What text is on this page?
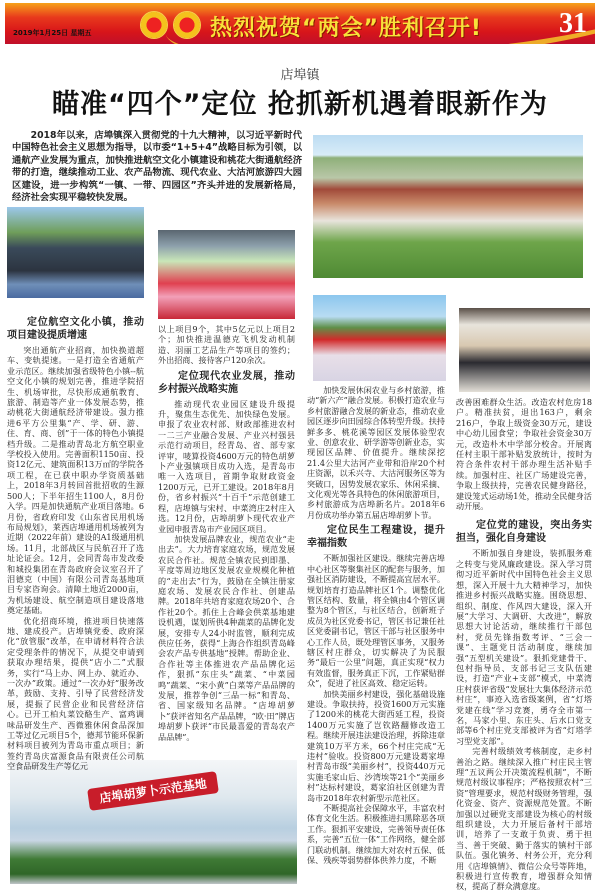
2019年1月25日 星期五	热烈祝贺“两会”胜利召开!	31
店埠镇
瞄准“四个”定位 抢抓新机遇着眼新作为
2018年以来，店埠镇深入贯彻党的十九大精神，以习近平新时代中国特色社会主义思想为指导，以市委“1+5+4”战略目标为引领，以通航产业发展为重点，加快推进航空文化小镇建设和桃花大街通航经济带的打造，继续推动工业、农产品物流、现代农业、大沽河旅游四大园区建设，进一步构筑“一镇、一带、四园区”齐头并进的发展新格局，经济社会实现平稳较快发展。
店埠胡萝卜示范基地
定位航空文化小镇，推动项目建设提质增速

突出通航产业招商，加快换道超车、变轨提速。一是打造全省通航产业示范区。继续加强省级特色小镇--航空文化小镇的规划完善，推进学院招生、机场审批，尽快形成通航教育、旅游、制造等产业一体发展态势，推动桃花大街通航经济带建设。强力推进6平方公里集“产、学、研、游、住、育、商、创”于一体的特色小镇提档升级。二是推动青岛北方航空职业学校投入使用。完善面积1150亩、投资12亿元、建筑面积13万㎡的学院各项工程，在已获中职办学资质基础上，2018年3月转回首批招收的生源500人；下半年招生1100人，8月份入学。四是加快通航产业项目落地。6月份，省政府印发《山东省民用机场布局规划》，莱西店埠通用机场被列为近期（2022年前）建设的A1级通用机场。11月，北部战区与民航召开了选址论证会。12月，会同青岛市发改委和城投集团在青岛政府会议室召开了泪德克（中国）有限公司青岛基地项目专家咨询会。清障土地近2000亩，为机场建设、航空制造项目建设落地奠定基础。

优化招商环境，推进项目快速落地、建成投产。店埠镇党委、政府深化“放管服”改革，在申请材料符合法定受理条件的情况下，从提交申请到获取办理结果，提供“店小二”式服务，实行“马上办、网上办、就近办、一次办”政策。通过“一次办好”服务改革，鼓励、支持、引导了民营经济发展，提振了民营企业和民营经济信心。已开工柏丸菜饺酪生产、富鸡调味品研发生产、西微雅休闲食品深加工等过亿元项目5个，德邦节能环保新材料项目被列为青岛市重点项目；新签约青岛庆富源食品有限责任公司航空食品研发生产等亿元

以上项目9个，其中5亿元以上项目2个；加快推进温德克飞机发动机制造、羽丽工艺品生产等项目的签约；外出招商、接待客户120余次。

定位现代农业发展，推动乡村振兴战略实施

推动现代农业园区建设升级提升，聚焦生态优先、加快绿色发展。申报了农业农村部、财政部推进农村一二三产业融合发展、产业兴村强县示范行动项目，经青岛、省、部专家评审，唛算投资4600万元的特色胡萝卜产业强镇项目成功入选，是青岛市唯一入选项目，首期争取财政资金1200万元，已开工建设。2018年8月份，省乡村振兴“十百千”示范创建工程，店埠镇与宋村、中菜湾庄2村庄入选。12月份，店埠胡萝卜现代农业产业园申报青岛市产业园区项目。

加快发展品牌农业，规范农业“走出去”。大力培育家庭农场，规范发展农民合作社。规范全镇农民到即墨、平度等周边地区发展农业规模化种植的“走出去”行为，鼓励在全镇注册家庭农场、发展农民合作社、创建品牌。2018年共培育家庭农场20个、合作社20个。抓住上合峰会供菜基地建设机遇，谋划所供4种蔬菜的品牌化发展，安排专人24小时监管，顺利完成供应任务，获得“上海合作组织青岛峰会农产品专供基地”授牌。帮助企业、合作社等主体推进农产品品牌化运作，狠抓“东庄头”蔬菜、“中菜园鸣”蔬菜、“宋小黄”白菜等产品品牌的发展，推荐争创“三品一标”和青岛、省、国家级知名品牌。“店埠胡萝卜”获评省知名产品品牌，“欧·田”牌店埠胡萝卜获评“市民最喜爱的青岛农产品品牌”。

加快发展休闲农业与乡村旅游，推动“新六产”融合发展。积极打造农业与乡村旅游融合发展的新业态，推动农业园区逐步向田园综合体转型升级。扶持鲜多多、桃花溪等园区发展体验型农业、创意农业、研学游等创新业态，实现园区品牌、价值提升。继续深挖21.4公里大沽河产业带和沿岸20个村庄资源，以禾兴寺、大沽河服务区等为突破口，因势发展农家乐、休闲采摘、文化观光等各具特色的休闲旅游项目，乡村旅游成为店埠新名片。2018年6月份成功举办第五届店埠胡萝卜节。

定位民生工程建设，提升幸福指数

不断加强社区建设。继续完善店埠中心社区等聚集社区的配套与服务，加强社区消防建设，不断提高宜居水平。规划培育打造品牌社区1个。调整优化管区结构、数量，将全镇由4个管区调整为8个管区，与社区结合，创新班子成员为社区党委书记，管区书记兼任社区党委副书记，管区干部与社区服务中心工作人员，既处理管区事务，又服务辖区村庄群众，切实解决了为民服务“最后一公里”问题，真正实现“权力有效监督，服务真正下沉，工作紧贴群众”，促进了社区高效、稳定运转。

加快美丽乡村建设，强化基础设施建设。争取扶持，投资1600万元实施了1200米的桃花大街西延工程，投资1400万元实施了岂钦路翻修改造工程。继续开展违法建设治理，拆除违章建筑10万平方米，66个村庄完成“无违村”验收。投资800万元建设葛家埠村青岛市级“美丽乡村”，投资440万元实施毛家山后、沙湾埃等21个“美丽乡村”达标村建设，葛家泊社区创建为青岛市2018年农村新型示范社区。

不断提高社会保障水平，丰富农村体育文化生活。积极推进扫黑除恶各项工作。狠抓平安建设，完善领导责任体系，完善“五位一体”工作网络，健全部门联动机制。继续加大对农村五保、低保、残疾等弱势群体供养力度，不断

改善困难群众生活。改造农村危房18户。精准扶贫，退出163户，剩余216户，争取上级资金30万元，建设中心幼儿园食堂；争取社会资金30万元，改造朴木中学部分校舍。开展离任村主职干部补贴发放统计，按时为符合条件农村干部办理生活补贴手续。加强村庄、社区广场建设完善，争取上级扶持，完善农民健身路径，建设笼式运动场1处，推动全民健身活动开展。

定位党的建设，突出务实担当，强化自身建设

不断加强自身建设，装抓服务难之转变与党风廉政建设。深入学习贯彻习近平新时代中国特色社会主义思想，深入开展十九大精神学习，加快推进乡村振兴战略实施。围绕思想、组织、制度、作风四大建设，深入开展“大学习、大调研、大改进”，解放思想大讨论活动，继续推行干部包村，党员先锋指数考评、“三会一课”、主题党日活动制度，继续加强“五型机关建设”。狠抓党建骨干、包村指导员、支部书记三支队伍建设，打造“产业+支部”模式，中菜湾庄村获评省级“发展壮大集体经济示范村庄”，事迹入选省级案例，省“灯塔党建在线”学习竞赛，勇夺全市第一名，马家小里、东庄头、后水口党支部等6个村庄党支部被评为省“灯塔学习型党支部”。

完善村级绩效考核制度，走乡村善治之路。继续深入推广村庄民主管理“五议两公开决策流程机制”，不断规范村级议事程序；严格按照农村“三资”管理要求，规范村级财务管理，强化资金、资产、资源规范处置。不断加强以过硬党支部建设为核心的村级组织建设，大力开展后备村干部培训，培养了一支敢于负责、勇于担当、善于突破、勤于落实的镇村干部队伍。强化镇务、村务公开，充分利用《店埠镇情》、微信公众号等阵地，积极进行宣传教育，增强群众知情权，提高了群众满意度。
